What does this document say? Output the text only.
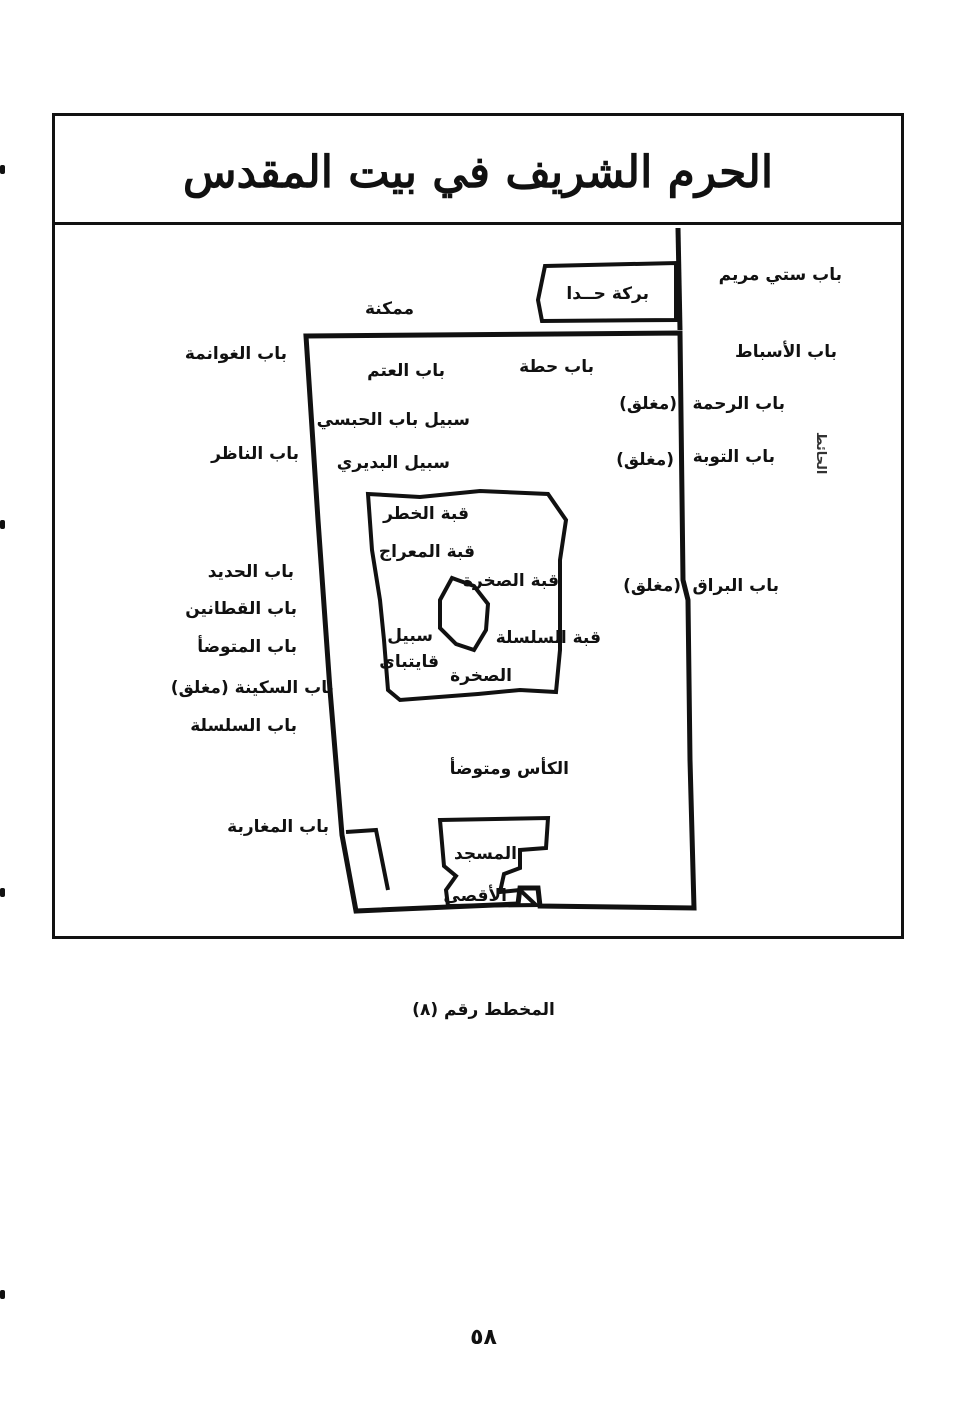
الحرم الشريف في بيت المقدس
باب ستي مريم
بركة حــدا
ممكنة
باب الأسباط
باب الغوانمة
باب العتم	باب حطة
باب الرحمة
(مغلق)
سبيل باب الحبسي
باب الناظر سبيل البديري	باب التوبة
(مغلق)	الحائط
قبة الخطر
قبة المعراج
قبة الصخرة
باب الحديد
باب البراق
(مغلق)
باب القطانين
سبيل	قبة السلسلة
باب المتوضأ
قايتباي
الصخرة
باب السكينة (مغلق)
باب السلسلة
الكأس ومتوضأ
باب المغاربة
المسجد
الأقصى
المخطط رقم (٨)
٥٨
